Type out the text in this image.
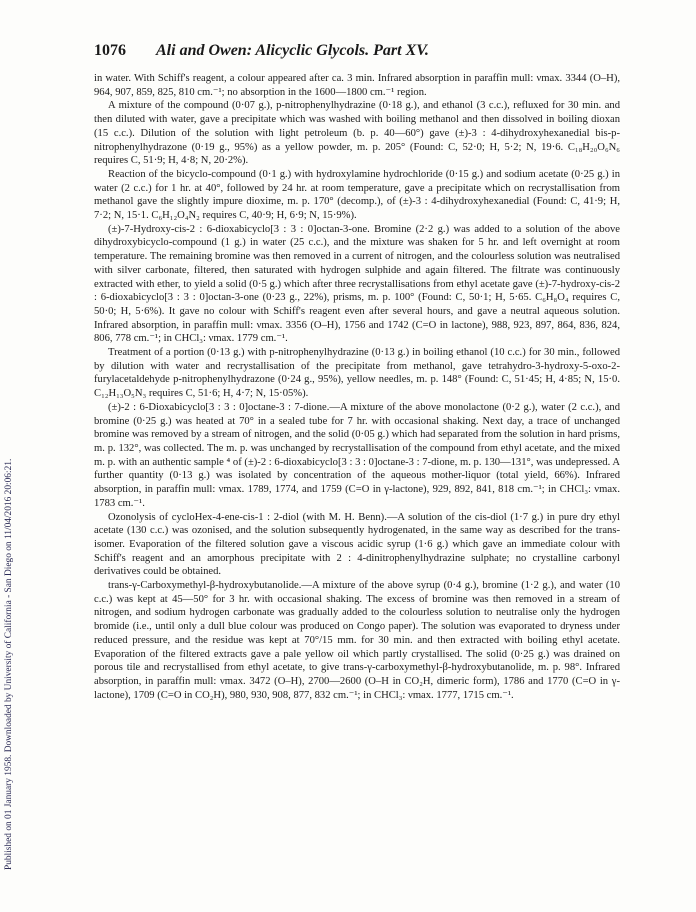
Published on 01 January 1958. Downloaded by University of California - San Diego on 11/04/2016 20:06:21.
1076 Ali and Owen: Alicyclic Glycols. Part XV.

in water. With Schiff's reagent, a colour appeared after ca. 3 min. Infrared absorption in paraffin mull: νmax. 3344 (O–H), 964, 907, 859, 825, 810 cm.⁻¹; no absorption in the 1600—1800 cm.⁻¹ region.

A mixture of the compound (0·07 g.), p-nitrophenylhydrazine (0·18 g.), and ethanol (3 c.c.), refluxed for 30 min. and then diluted with water, gave a precipitate which was washed with boiling methanol and then dissolved in boiling dioxan (15 c.c.). Dilution of the solution with light petroleum (b. p. 40—60°) gave (±)-3 : 4-dihydroxyhexanedial bis-p-nitrophenylhydrazone (0·19 g., 95%) as a yellow powder, m. p. 205° (Found: C, 52·0; H, 5·2; N, 19·6. C₁₈H₂₀O₆N₆ requires C, 51·9; H, 4·8; N, 20·2%).

Reaction of the bicyclo-compound (0·1 g.) with hydroxylamine hydrochloride (0·15 g.) and sodium acetate (0·25 g.) in water (2 c.c.) for 1 hr. at 40°, followed by 24 hr. at room temperature, gave a precipitate which on recrystallisation from methanol gave the slightly impure dioxime, m. p. 170° (decomp.), of (±)-3 : 4-dihydroxyhexanedial (Found: C, 41·9; H, 7·2; N, 15·1. C₆H₁₂O₄N₂ requires C, 40·9; H, 6·9; N, 15·9%).

(±)-7-Hydroxy-cis-2 : 6-dioxabicyclo[3 : 3 : 0]octan-3-one. Bromine (2·2 g.) was added to a solution of the above dihydroxybicyclo-compound (1 g.) in water (25 c.c.), and the mixture was shaken for 5 hr. and left overnight at room temperature. The remaining bromine was then removed in a current of nitrogen, and the colourless solution was neutralised with silver carbonate, filtered, then saturated with hydrogen sulphide and again filtered. The filtrate was continuously extracted with ether, to yield a solid (0·5 g.) which after three recrystallisations from ethyl acetate gave (±)-7-hydroxy-cis-2 : 6-dioxabicyclo[3 : 3 : 0]octan-3-one (0·23 g., 22%), prisms, m. p. 100° (Found: C, 50·1; H, 5·65. C₆H₈O₄ requires C, 50·0; H, 5·6%). It gave no colour with Schiff's reagent even after several hours, and gave a neutral aqueous solution. Infrared absorption, in paraffin mull: νmax. 3356 (O–H), 1756 and 1742 (C=O in lactone), 988, 923, 897, 864, 836, 824, 806, 778 cm.⁻¹; in CHCl₃: νmax. 1779 cm.⁻¹.

Treatment of a portion (0·13 g.) with p-nitrophenylhydrazine (0·13 g.) in boiling ethanol (10 c.c.) for 30 min., followed by dilution with water and recrystallisation of the precipitate from methanol, gave tetrahydro-3-hydroxy-5-oxo-2-furylacetaldehyde p-nitrophenylhydrazone (0·24 g., 95%), yellow needles, m. p. 148° (Found: C, 51·45; H, 4·85; N, 15·0. C₁₂H₁₃O₅N₃ requires C, 51·6; H, 4·7; N, 15·05%).

(±)-2 : 6-Dioxabicyclo[3 : 3 : 0]octane-3 : 7-dione.—A mixture of the above monolactone (0·2 g.), water (2 c.c.), and bromine (0·25 g.) was heated at 70° in a sealed tube for 7 hr. with occasional shaking. Next day, a trace of unchanged bromine was removed by a stream of nitrogen, and the solid (0·05 g.) which had separated from the solution in hard prisms, m. p. 132°, was collected. The m. p. was unchanged by recrystallisation of the compound from ethyl acetate, and the mixed m. p. with an authentic sample ⁴ of (±)-2 : 6-dioxabicyclo[3 : 3 : 0]octane-3 : 7-dione, m. p. 130—131°, was undepressed. A further quantity (0·13 g.) was isolated by concentration of the aqueous mother-liquor (total yield, 66%). Infrared absorption, in paraffin mull: νmax. 1789, 1774, and 1759 (C=O in γ-lactone), 929, 892, 841, 818 cm.⁻¹; in CHCl₃: νmax. 1783 cm.⁻¹.

Ozonolysis of cycloHex-4-ene-cis-1 : 2-diol (with M. H. Benn).—A solution of the cis-diol (1·7 g.) in pure dry ethyl acetate (130 c.c.) was ozonised, and the solution subsequently hydrogenated, in the same way as described for the trans-isomer. Evaporation of the filtered solution gave a viscous acidic syrup (1·6 g.) which gave an immediate colour with Schiff's reagent and an amorphous precipitate with 2 : 4-dinitrophenylhydrazine sulphate; no crystalline carbonyl derivatives could be obtained.

trans-γ-Carboxymethyl-β-hydroxybutanolide.—A mixture of the above syrup (0·4 g.), bromine (1·2 g.), and water (10 c.c.) was kept at 45—50° for 3 hr. with occasional shaking. The excess of bromine was then removed in a stream of nitrogen, and sodium hydrogen carbonate was gradually added to the colourless solution to neutralise only the hydrogen bromide (i.e., until only a dull blue colour was produced on Congo paper). The solution was evaporated to dryness under reduced pressure, and the residue was kept at 70°/15 mm. for 30 min. and then extracted with boiling ethyl acetate. Evaporation of the filtered extracts gave a pale yellow oil which partly crystallised. The solid (0·25 g.) was drained on porous tile and recrystallised from ethyl acetate, to give trans-γ-carboxymethyl-β-hydroxybutanolide, m. p. 98°. Infrared absorption, in paraffin mull: νmax. 3472 (O–H), 2700—2600 (O–H in CO₂H, dimeric form), 1786 and 1770 (C=O in γ-lactone), 1709 (C=O in CO₂H), 980, 930, 908, 877, 832 cm.⁻¹; in CHCl₃: νmax. 1777, 1715 cm.⁻¹.
